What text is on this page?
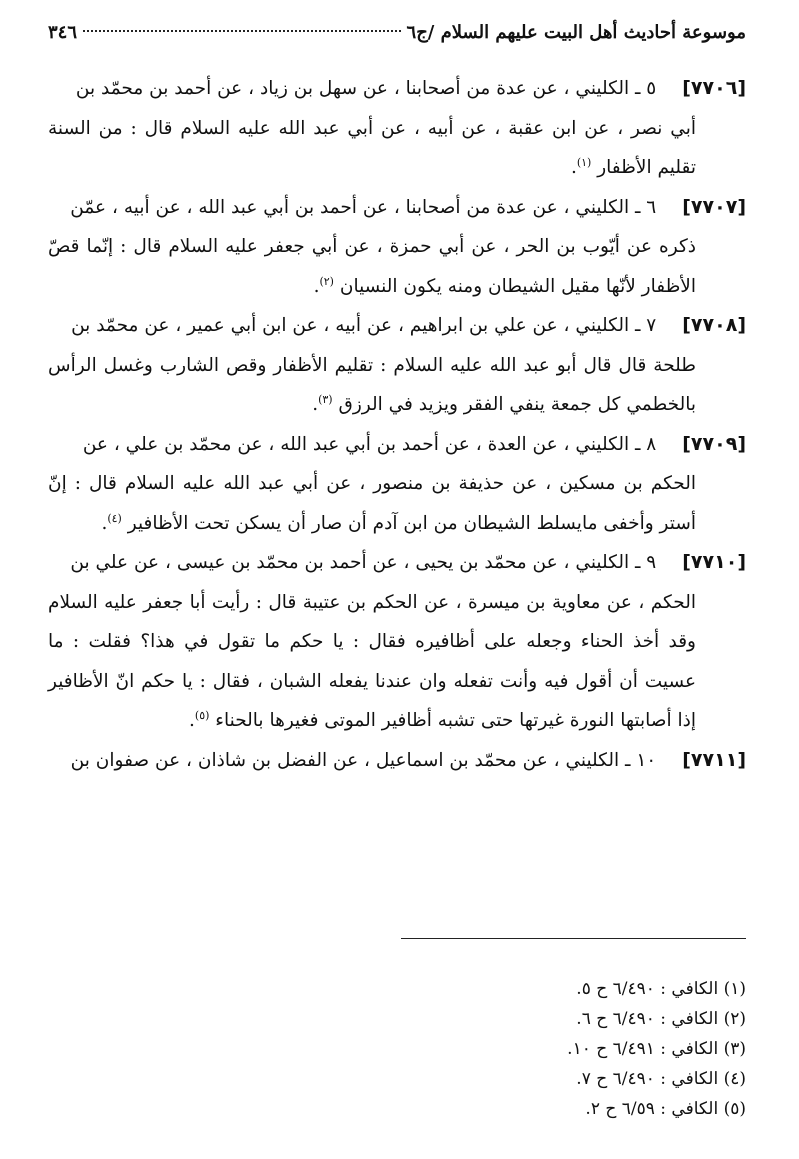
موسوعة أحاديث أهل البيت عليهم السلام /ج٦
٣٤٦

[٧٧٠٦]٥ ـ الكليني ، عن عدة من أصحابنا ، عن سهل بن زياد ، عن أحمد بن محمّد بن

أبي نصر ، عن ابن عقبة ، عن أبيه ، عن أبي عبد الله عليه السلام قال : من السنة تقليم الأظفار $^{(١)}$.

[٧٧٠٧]٦ ـ الكليني ، عن عدة من أصحابنا ، عن أحمد بن أبي عبد الله ، عن أبيه ، عمّن

ذكره عن أيّوب بن الحر ، عن أبي حمزة ، عن أبي جعفر عليه السلام قال : إنّما قصّ الأظفار لأنّها مقيل الشيطان ومنه يكون النسيان $^{(٢)}$.

[٧٧٠٨]٧ ـ الكليني ، عن علي بن ابراهيم ، عن أبيه ، عن ابن أبي عمير ، عن محمّد بن

طلحة قال قال أبو عبد الله عليه السلام : تقليم الأظفار وقص الشارب وغسل الرأس بالخطمي كل جمعة ينفي الفقر ويزيد في الرزق $^{(٣)}$.

[٧٧٠٩]٨ ـ الكليني ، عن العدة ، عن أحمد بن أبي عبد الله ، عن محمّد بن علي ، عن

الحكم بن مسكين ، عن حذيفة بن منصور ، عن أبي عبد الله عليه السلام قال : إنّ أستر وأخفى مايسلط الشيطان من ابن آدم أن صار أن يسكن تحت الأظافير $^{(٤)}$.

[٧٧١٠]٩ ـ الكليني ، عن محمّد بن يحيى ، عن أحمد بن محمّد بن عيسى ، عن علي بن

الحكم ، عن معاوية بن ميسرة ، عن الحكم بن عتيبة قال : رأيت أبا جعفر عليه السلام وقد أخذ الحناء وجعله على أظافيره فقال : يا حكم ما تقول في هذا؟ فقلت : ما عسيت أن أقول فيه وأنت تفعله وان عندنا يفعله الشبان ، فقال : يا حكم انّ الأظافير إذا أصابتها النورة غيرتها حتى تشبه أظافير الموتى فغيرها بالحناء $^{(٥)}$.

[٧٧١١]١٠ ـ الكليني ، عن محمّد بن اسماعيل ، عن الفضل بن شاذان ، عن صفوان بن

(١) الكافي : ٦/٤٩٠ ح ٥.

(٢) الكافي : ٦/٤٩٠ ح ٦.

(٣) الكافي : ٦/٤٩١ ح ١٠.

(٤) الكافي : ٦/٤٩٠ ح ٧.

(٥) الكافي : ٦/٥٩ ح ٢.
